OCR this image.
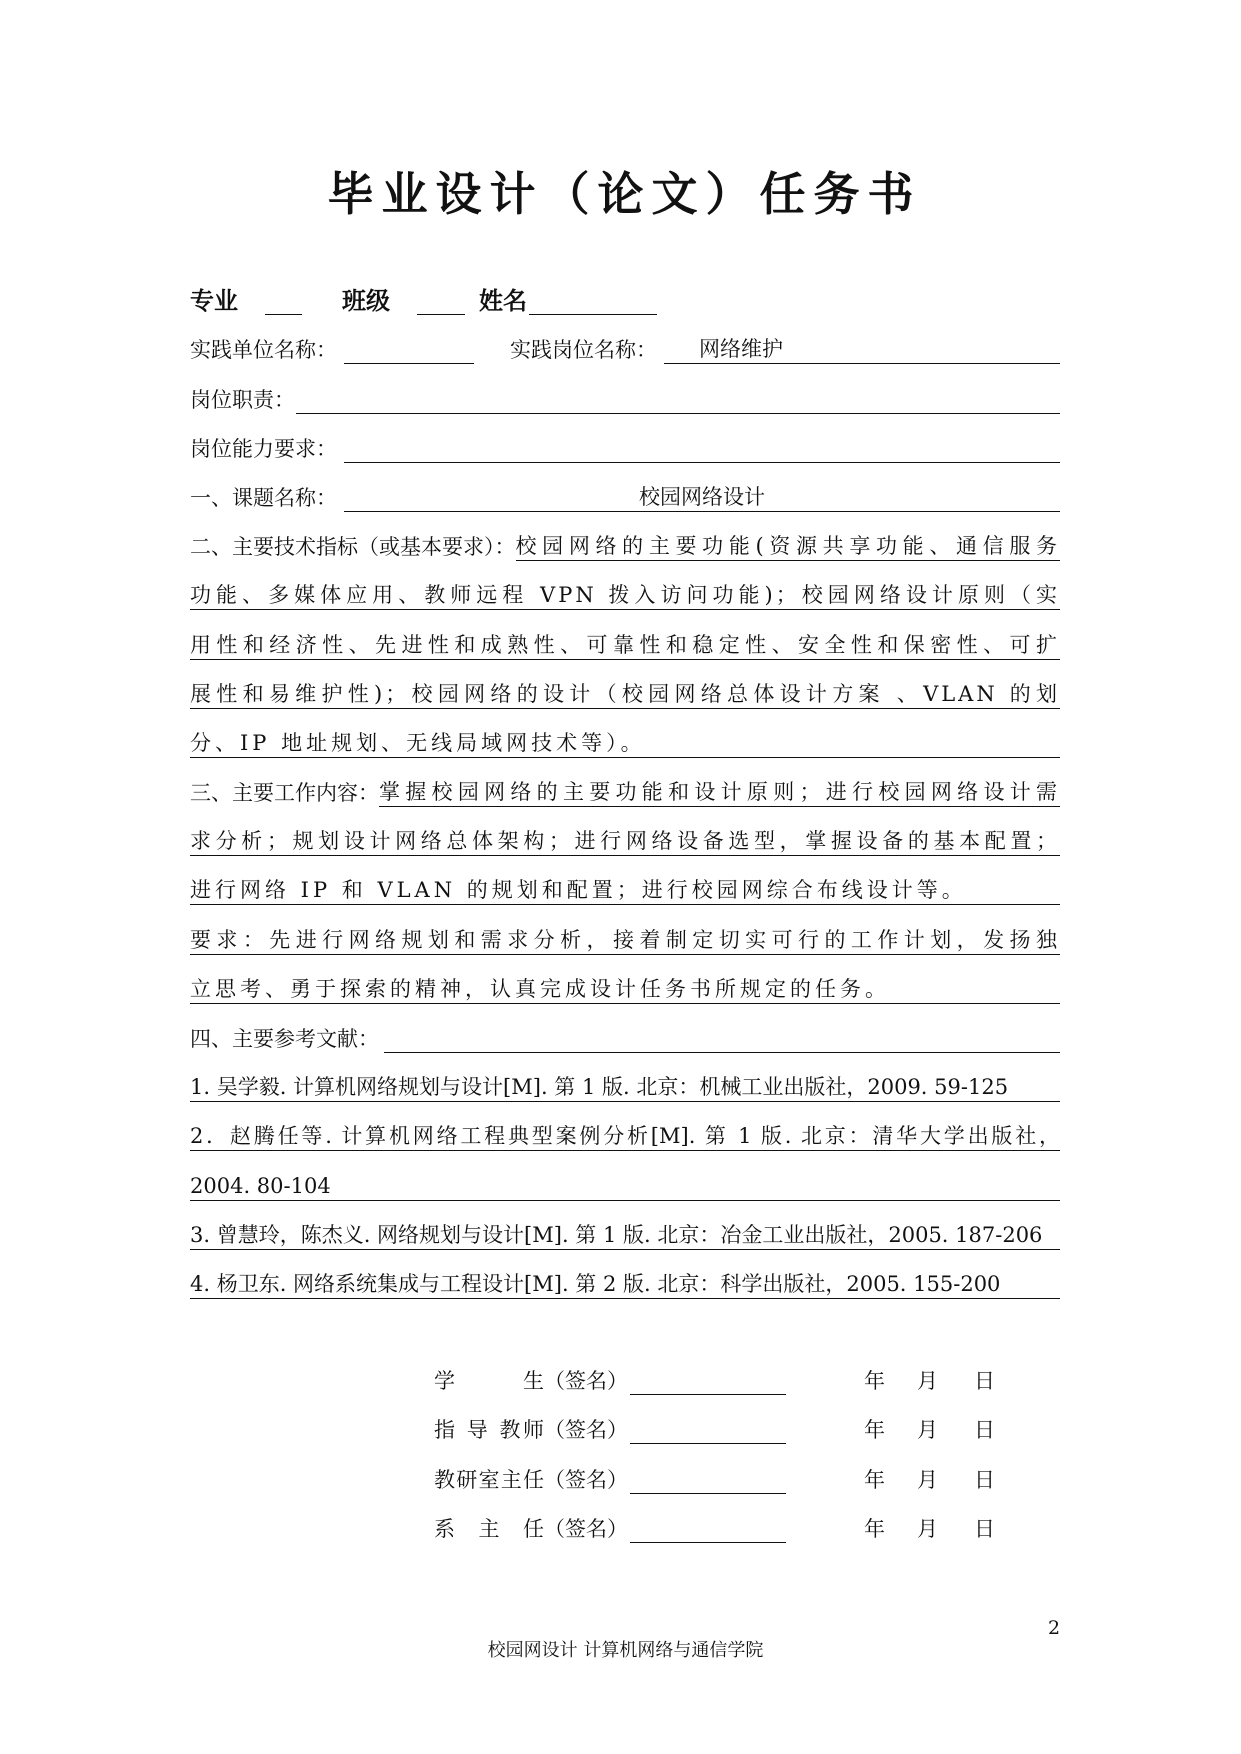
毕业设计（论文）任务书
专业	班级	姓名
实践单位名称：	实践岗位名称：	网络维护
岗位职责：
岗位能力要求：
一、课题名称：	校园网络设计
二、主要技术指标（或基本要求）： 校园网络的主要功能(资源共享功能、通信服务
功能、多媒体应用、教师远程 VPN 拨入访问功能)；校园网络设计原则（实
用性和经济性、先进性和成熟性、可靠性和稳定性、安全性和保密性、可扩
展性和易维护性)；校园网络的设计（校园网络总体设计方案 、VLAN 的划
分、IP 地址规划、无线局域网技术等）。
三、主要工作内容： 掌握校园网络的主要功能和设计原则；进行校园网络设计需
求分析；规划设计网络总体架构；进行网络设备选型，掌握设备的基本配置；
进行网络 IP 和 VLAN 的规划和配置；进行校园网综合布线设计等。
要求：先进行网络规划和需求分析，接着制定切实可行的工作计划，发扬独
立思考、勇于探索的精神，认真完成设计任务书所规定的任务。
四、主要参考文献：
1. 吴学毅. 计算机网络规划与设计[M]. 第 1 版. 北京：机械工业出版社，2009. 59-125
2．赵腾任等. 计算机网络工程典型案例分析[M]. 第 1 版. 北京：清华大学出版社，
2004. 80-104
3. 曾慧玲，陈杰义. 网络规划与设计[M]. 第 1 版. 北京：冶金工业出版社，2005. 187-206
4. 杨卫东. 网络系统集成与工程设计[M]. 第 2 版. 北京：科学出版社，2005. 155-200
学 生 （签名）	年 月 日
指 导 教师 （签名）	年 月 日
教研室主任 （签名）	年 月 日
系 主 任 （签名）	年 月 日
2
校园网设计 计算机网络与通信学院
